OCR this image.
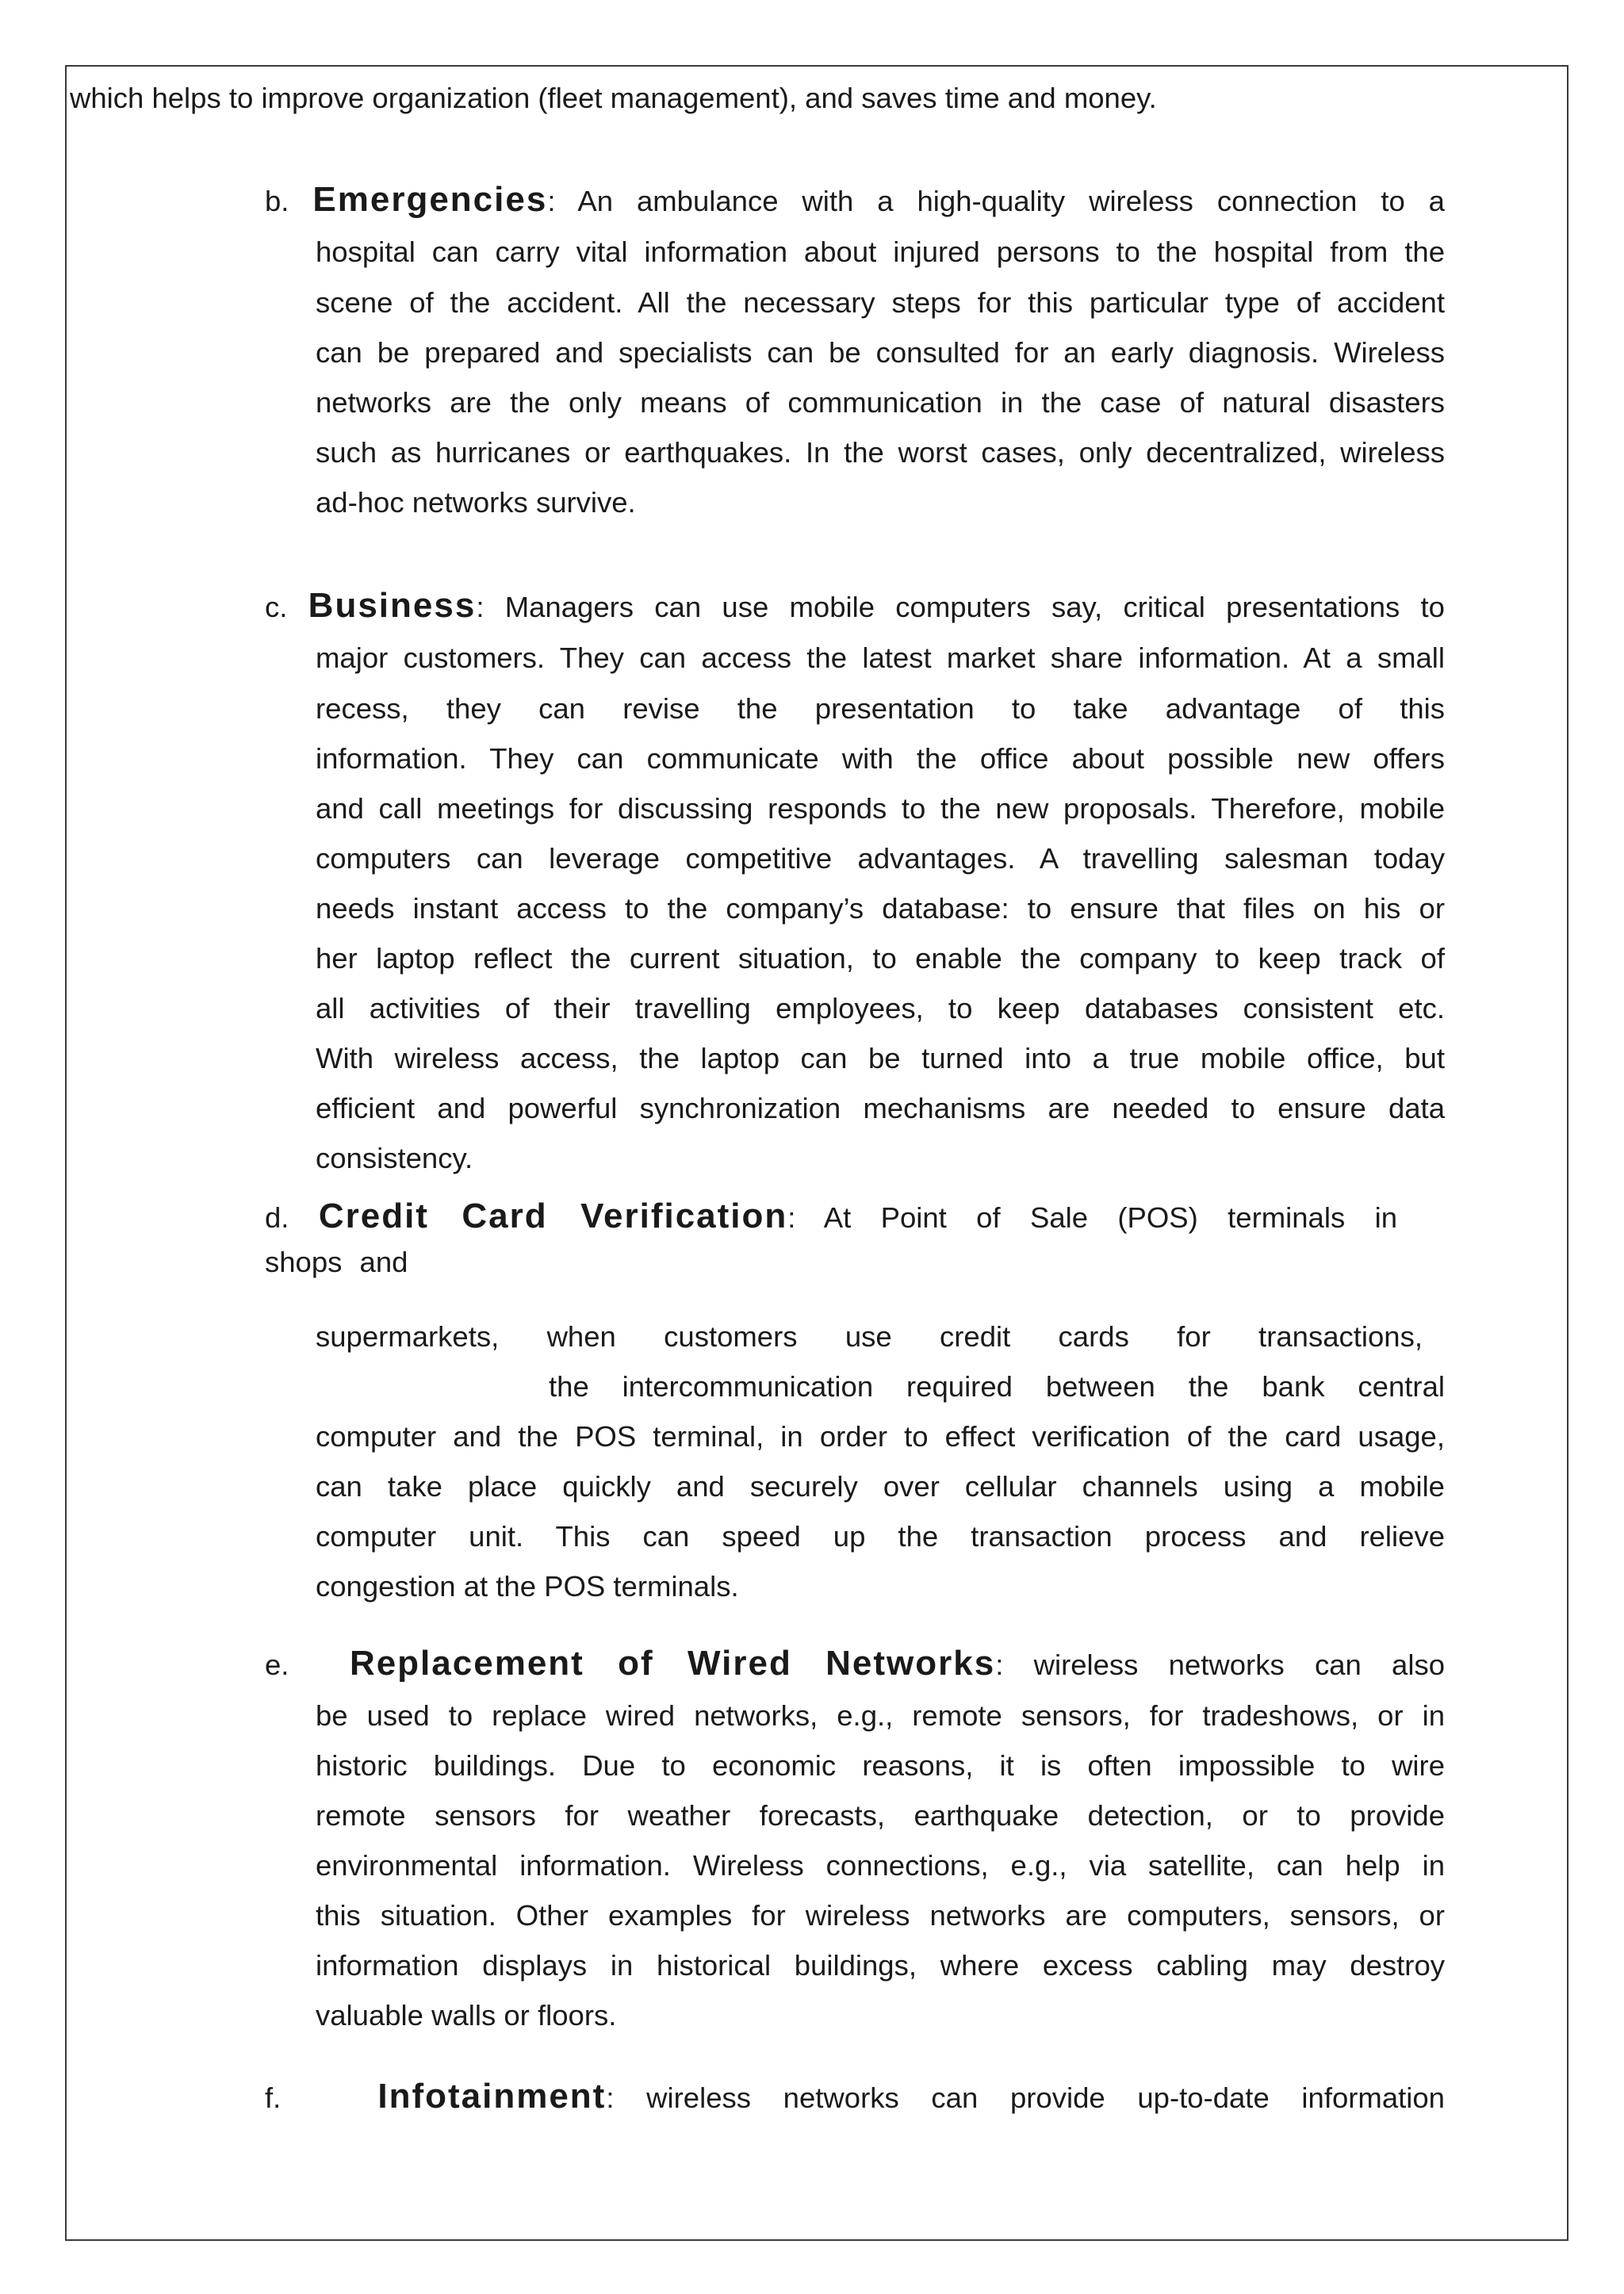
which helps to improve organization (fleet management), and saves time and money.

b. Emergencies: An ambulance with a high-quality wireless connection to a
hospital can carry vital information about injured persons to the hospital from the
scene of the accident. All the necessary steps for this particular type of accident
can be prepared and specialists can be consulted for an early diagnosis. Wireless
networks are the only means of communication in the case of natural disasters
such as hurricanes or earthquakes. In the worst cases, only decentralized, wireless
ad-hoc networks survive.
c. Business: Managers can use mobile computers say, critical presentations to
major customers. They can access the latest market share information. At a small
recess, they can revise the presentation to take advantage of this
information. They can communicate with the office about possible new offers
and call meetings for discussing responds to the new proposals. Therefore, mobile
computers can leverage competitive advantages. A travelling salesman today
needs instant access to the company’s database: to ensure that files on his or
her laptop reflect the current situation, to enable the company to keep track of
all activities of their travelling employees, to keep databases consistent etc.
With wireless access, the laptop can be turned into a true mobile office, but
efficient and powerful synchronization mechanisms are needed to ensure data
consistency.
d. Credit Card Verification: At Point of Sale (POS) terminals in
shops and
supermarkets, when customers use credit cards for transactions,
the intercommunication required between the bank central
computer and the POS terminal, in order to effect verification of the card usage,
can take place quickly and securely over cellular channels using a mobile
computer unit. This can speed up the transaction process and relieve
congestion at the POS terminals.
e. Replacement of Wired Networks: wireless networks can also
be used to replace wired networks, e.g., remote sensors, for tradeshows, or in
historic buildings. Due to economic reasons, it is often impossible to wire
remote sensors for weather forecasts, earthquake detection, or to provide
environmental information. Wireless connections, e.g., via satellite, can help in
this situation. Other examples for wireless networks are computers, sensors, or
information displays in historical buildings, where excess cabling may destroy
valuable walls or floors.
f.	Infotainment: wireless networks can provide up-to-date information
